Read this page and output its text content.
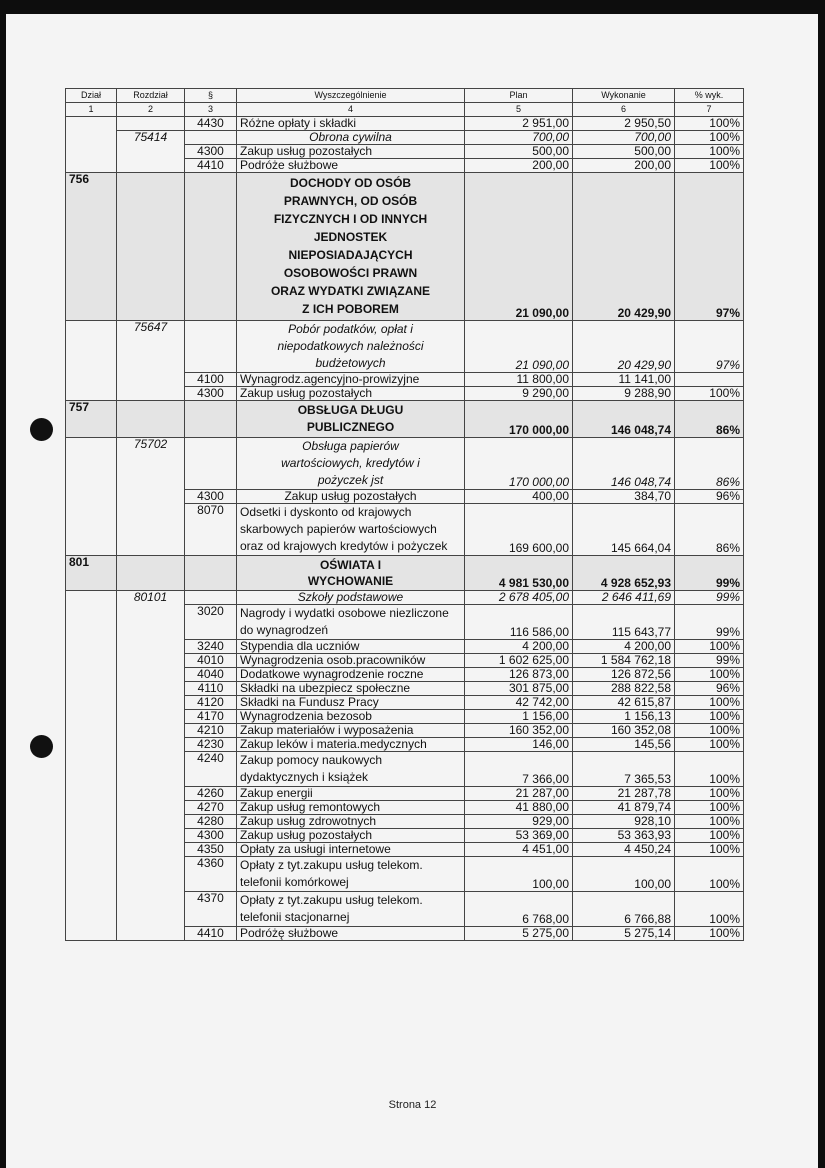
Dział	Rozdział	§	Wyszczególnienie	Plan	Wykonanie	% wyk.
1	2	3	4	5	6	7
		4430	Różne opłaty i składki	2 951,00	2 950,50	100%
	75414		Obrona cywilna	700,00	700,00	100%
		4300	Zakup usług pozostałych	500,00	500,00	100%
		4410	Podróże służbowe	200,00	200,00	100%
756			DOCHODY OD OSÓB PRAWNYCH, OD OSÓB FIZYCZNYCH I OD INNYCH JEDNOSTEK NIEPOSIADAJĄCYCH OSOBOWOŚCI PRAWN ORAZ WYDATKI ZWIĄZANE Z ICH POBOREM	21 090,00	20 429,90	97%
	75647		Pobór podatków, opłat i niepodatkowych należności budżetowych	21 090,00	20 429,90	97%
		4100	Wynagrodz.agencyjno-prowizyjne	11 800,00	11 141,00	
		4300	Zakup usług pozostałych	9 290,00	9 288,90	100%
757			OBSŁUGA DŁUGU PUBLICZNEGO	170 000,00	146 048,74	86%
	75702		Obsługa papierów wartościowych, kredytów i pożyczek jst	170 000,00	146 048,74	86%
		4300	Zakup usług pozostałych	400,00	384,70	96%
		8070	Odsetki i dyskonto od krajowych skarbowych papierów wartościowych oraz od krajowych kredytów i pożyczek	169 600,00	145 664,04	86%
801			OŚWIATA I WYCHOWANIE	4 981 530,00	4 928 652,93	99%
	80101		Szkoły podstawowe	2 678 405,00	2 646 411,69	99%
		3020	Nagrody i wydatki osobowe niezliczone do wynagrodzeń	116 586,00	115 643,77	99%
		3240	Stypendia dla uczniów	4 200,00	4 200,00	100%
		4010	Wynagrodzenia osob.pracowników	1 602 625,00	1 584 762,18	99%
		4040	Dodatkowe wynagrodzenie roczne	126 873,00	126 872,56	100%
		4110	Składki na ubezpiecz społeczne	301 875,00	288 822,58	96%
		4120	Składki na Fundusz Pracy	42 742,00	42 615,87	100%
		4170	Wynagrodzenia bezosob	1 156,00	1 156,13	100%
		4210	Zakup materiałów i wyposażenia	160 352,00	160 352,08	100%
		4230	Zakup leków i materia.medycznych	146,00	145,56	100%
		4240	Zakup pomocy naukowych dydaktycznych i książek	7 366,00	7 365,53	100%
		4260	Zakup energii	21 287,00	21 287,78	100%
		4270	Zakup usług remontowych	41 880,00	41 879,74	100%
		4280	Zakup usług zdrowotnych	929,00	928,10	100%
		4300	Zakup usług pozostałych	53 369,00	53 363,93	100%
		4350	Opłaty za usługi internetowe	4 451,00	4 450,24	100%
		4360	Opłaty z tyt.zakupu usług telekom. telefonii komórkowej	100,00	100,00	100%
		4370	Opłaty z tyt.zakupu usług telekom. telefonii stacjonarnej	6 768,00	6 766,88	100%
		4410	Podróżę służbowe	5 275,00	5 275,14	100%
Strona 12
